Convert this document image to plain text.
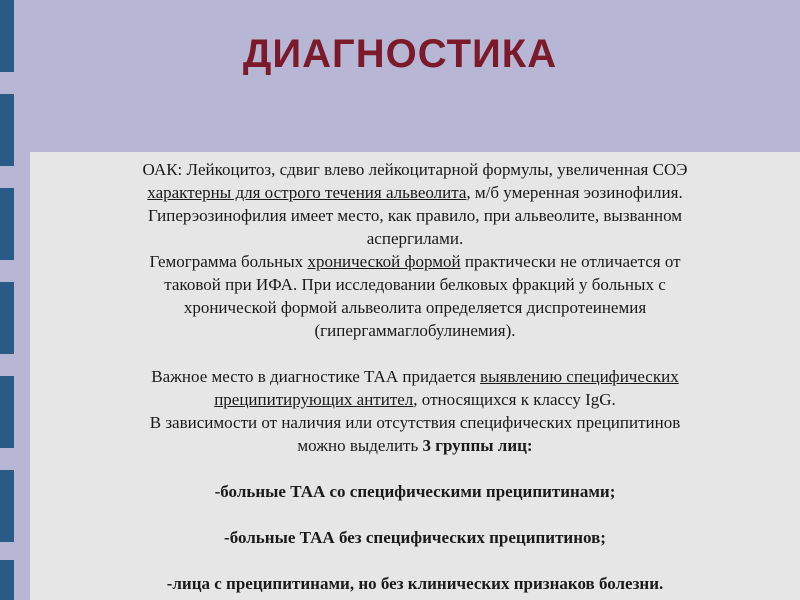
ДИАГНОСТИКА
ОАК: Лейкоцитоз, сдвиг влево лейкоцитарной формулы, увеличенная СОЭ
характерны для острого течения альвеолита, м/б умеренная эозинофилия.
Гиперэозинофилия имеет место, как правило, при альвеолите, вызванном
аспергилами.
Гемограмма больных хронической формой практически не отличается от
таковой при ИФА. При исследовании белковых фракций у больных с
хронической формой альвеолита определяется диспротеинемия
(гипергаммаглобулинемия).
Важное место в диагностике ТАА придается выявлению специфических
преципитирующих антител, относящихся к классу IgG.
В зависимости от наличия или отсутствия специфических преципитинов
можно выделить 3 группы лиц:
-больные ТАА со специфическими преципитинами;
-больные ТАА без специфических преципитинов;
-лица с преципитинами, но без клинических признаков болезни.
